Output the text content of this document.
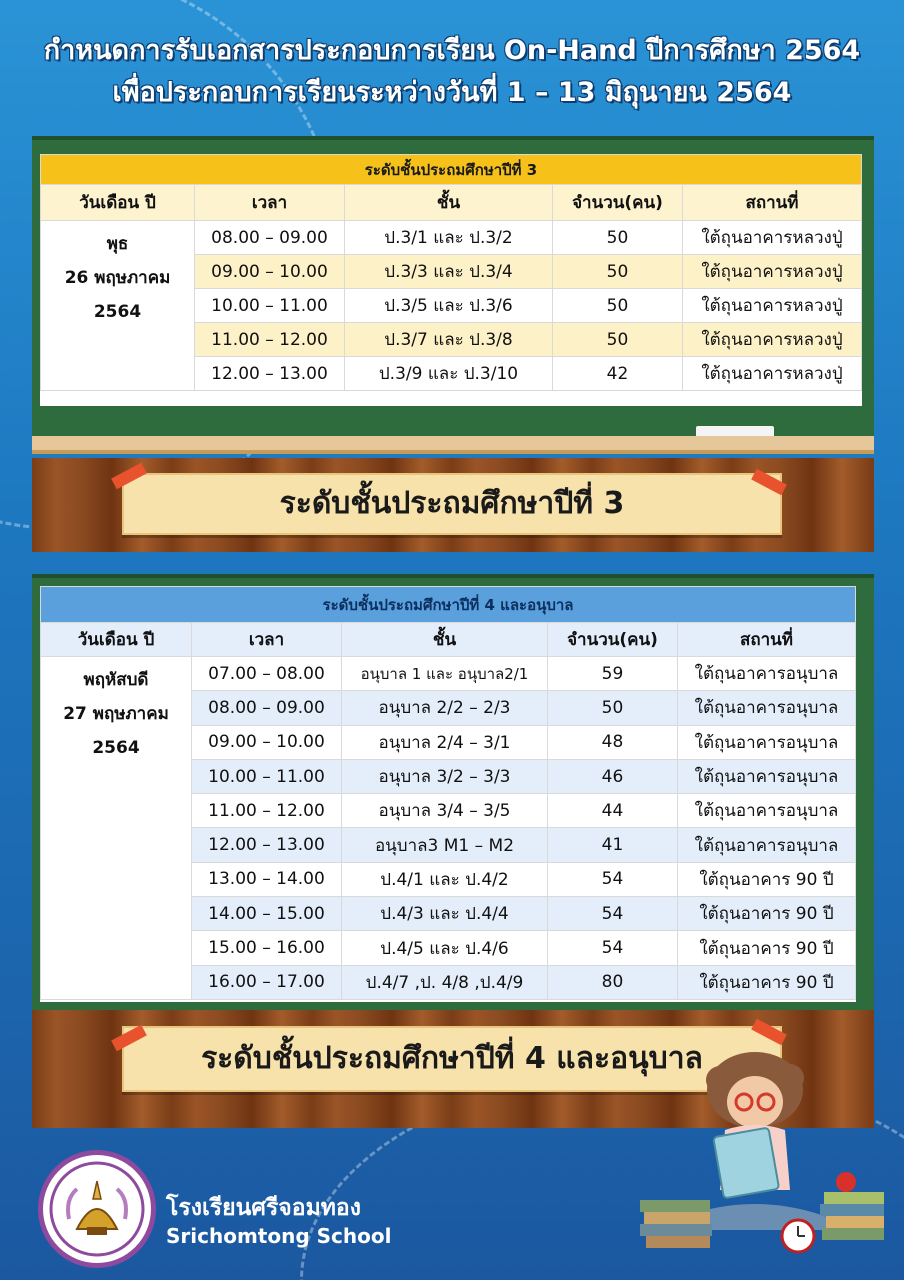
กำหนดการรับเอกสารประกอบการเรียน On-Hand ปีการศึกษา 2564
เพื่อประกอบการเรียนระหว่างวันที่ 1 – 13 มิถุนายน 2564
ระดับชั้นประถมศึกษาปีที่ 3				
วันเดือน ปี	เวลา	ชั้น	จำนวน(คน)	สถานที่

พุธ
26 พฤษภาคม
2564	08.00 – 09.00	ป.3/1 และ ป.3/2	50	ใต้ถุนอาคารหลวงปู่
	09.00 – 10.00	ป.3/3 และ ป.3/4	50	ใต้ถุนอาคารหลวงปู่
	10.00 – 11.00	ป.3/5 และ ป.3/6	50	ใต้ถุนอาคารหลวงปู่
	11.00 – 12.00	ป.3/7 และ ป.3/8	50	ใต้ถุนอาคารหลวงปู่
	12.00 – 13.00	ป.3/9 และ ป.3/10	42	ใต้ถุนอาคารหลวงปู่
ระดับชั้นประถมศึกษาปีที่ 3
ระดับชั้นประถมศึกษาปีที่ 4 และอนุบาล				
วันเดือน ปี	เวลา	ชั้น	จำนวน(คน)	สถานที่

พฤหัสบดี
27 พฤษภาคม
2564	07.00 – 08.00	อนุบาล 1 และ อนุบาล2/1	59	ใต้ถุนอาคารอนุบาล
	08.00 – 09.00	อนุบาล 2/2 – 2/3	50	ใต้ถุนอาคารอนุบาล
	09.00 – 10.00	อนุบาล 2/4 – 3/1	48	ใต้ถุนอาคารอนุบาล
	10.00 – 11.00	อนุบาล 3/2 – 3/3	46	ใต้ถุนอาคารอนุบาล
	11.00 – 12.00	อนุบาล 3/4 – 3/5	44	ใต้ถุนอาคารอนุบาล
	12.00 – 13.00	อนุบาล3 M1 – M2	41	ใต้ถุนอาคารอนุบาล
	13.00 – 14.00	ป.4/1 และ ป.4/2	54	ใต้ถุนอาคาร 90 ปี
	14.00 – 15.00	ป.4/3 และ ป.4/4	54	ใต้ถุนอาคาร 90 ปี
	15.00 – 16.00	ป.4/5 และ ป.4/6	54	ใต้ถุนอาคาร 90 ปี
	16.00 – 17.00	ป.4/7 ,ป. 4/8 ,ป.4/9	80	ใต้ถุนอาคาร 90 ปี
ระดับชั้นประถมศึกษาปีที่ 4 และอนุบาล
โรงเรียนศรีจอมทอง
Srichomtong School
